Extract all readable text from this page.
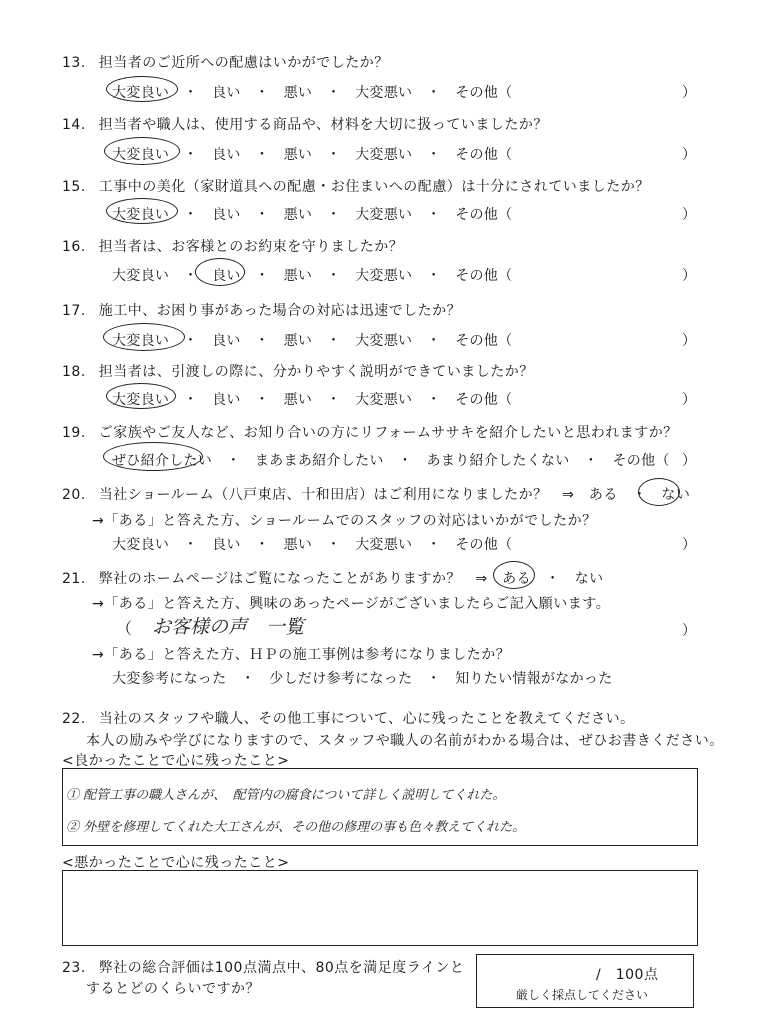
13. 担当者のご近所への配慮はいかがでしたか？
大変良い　・　良い　・　悪い　・　大変悪い　・　その他（	）
14. 担当者や職人は、使用する商品や、材料を大切に扱っていましたか？
大変良い　・　良い　・　悪い　・　大変悪い　・　その他（	）
15. 工事中の美化（家財道具への配慮・お住まいへの配慮）は十分にされていましたか？
大変良い　・　良い　・　悪い　・　大変悪い　・　その他（	）
16. 担当者は、お客様とのお約束を守りましたか？
大変良い　・　良い　・　悪い　・　大変悪い　・　その他（	）
17. 施工中、お困り事があった場合の対応は迅速でしたか？
大変良い　・　良い　・　悪い　・　大変悪い　・　その他（	）
18. 担当者は、引渡しの際に、分かりやすく説明ができていましたか？
大変良い　・　良い　・　悪い　・　大変悪い　・　その他（	）
19. ご家族やご友人など、お知り合いの方にリフォームササキを紹介したいと思われますか？
ぜひ紹介したい　・　まあまあ紹介したい　・　あまり紹介したくない　・　その他（ ）
20. 当社ショールーム（八戸東店、十和田店）はご利用になりましたか？　⇒　ある　・　ない
→「ある」と答えた方、ショールームでのスタッフの対応はいかがでしたか？
大変良い　・　良い　・　悪い　・　大変悪い　・　その他（	）
21. 弊社のホームページはご覧になったことがありますか？　⇒　ある　・　ない
→「ある」と答えた方、興味のあったページがございましたらご記入願います。
（ お客様の声　一覧	）
→「ある」と答えた方、ＨＰの施工事例は参考になりましたか？
大変参考になった　・　少しだけ参考になった　・　知りたい情報がなかった
22. 当社のスタッフや職人、その他工事について、心に残ったことを教えてください。
本人の励みや学びになりますので、スタッフや職人の名前がわかる場合は、ぜひお書きください。
<良かったことで心に残ったこと>
① 配管工事の職人さんが、　配管内の腐食について詳しく説明してくれた。
② 外壁を修理してくれた大工さんが、その他の修理の事も色々教えてくれた。
<悪かったことで心に残ったこと>
23. 弊社の総合評価は100点満点中、80点を満足度ラインと
するとどのくらいですか？
/　100点
厳しく採点してください
